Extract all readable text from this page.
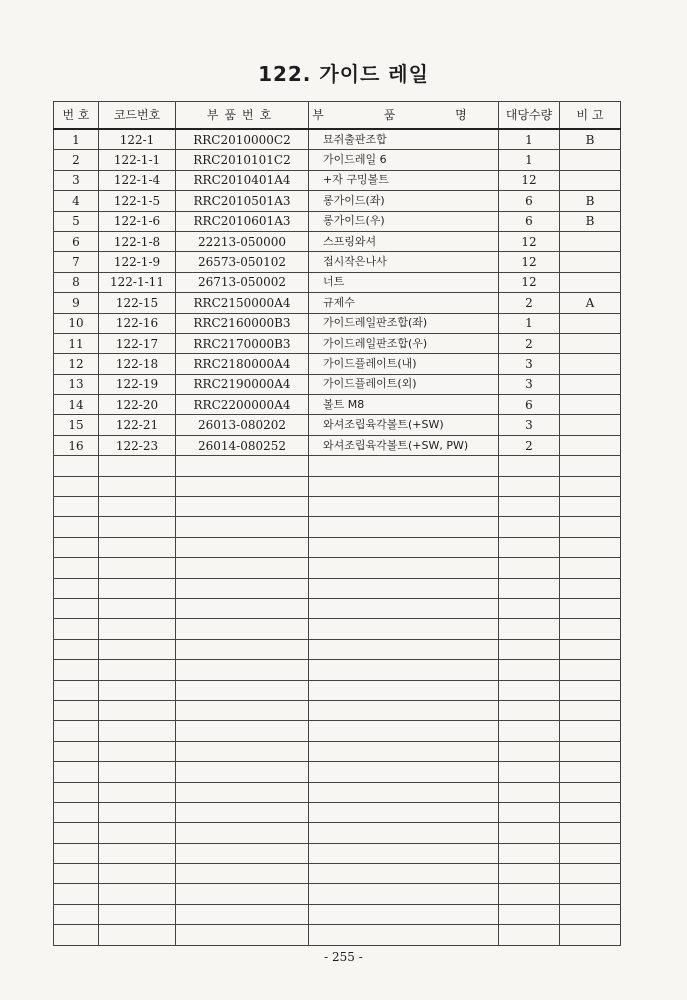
122. 가이드 레일
번 호	코드번호	부품번호	부 품 명	대당수량	비 고
1	122-1	RRC2010000C2	묘쥐출판조합	1	B
2	122-1-1	RRC2010101C2	가이드레일 6	1	
3	122-1-4	RRC2010401A4	+자 구밍볼트	12	
4	122-1-5	RRC2010501A3	롱가이드(좌)	6	B
5	122-1-6	RRC2010601A3	롱가이드(우)	6	B
6	122-1-8	22213-050000	스프링와셔	12	
7	122-1-9	26573-050102	접시작은나사	12	
8	122-1-11	26713-050002	너트	12	
9	122-15	RRC2150000A4	규제수	2	A
10	122-16	RRC2160000B3	가이드레일판조합(좌)	1	
11	122-17	RRC2170000B3	가이드레일판조합(우)	2	
12	122-18	RRC2180000A4	가이드플레이트(내)	3	
13	122-19	RRC2190000A4	가이드플레이트(외)	3	
14	122-20	RRC2200000A4	볼트 M8	6	
15	122-21	26013-080202	와셔조립육각볼트(+SW)	3	
16	122-23	26014-080252	와셔조립육각볼트(+SW, PW)	2	

- 255 -
